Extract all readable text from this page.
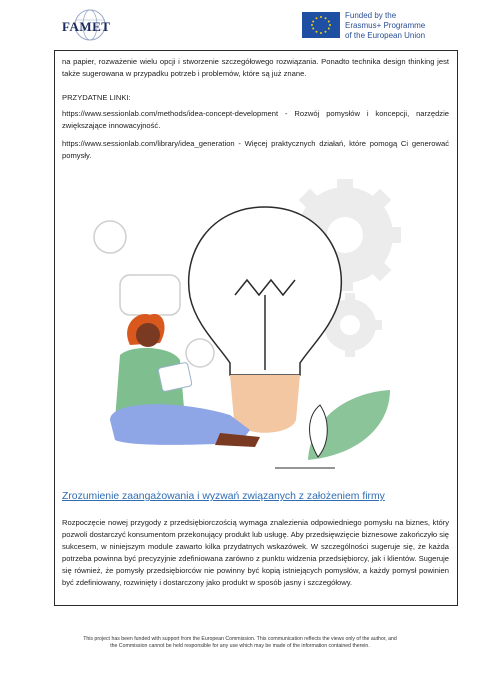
FAMET
Funded by the
Erasmus+ Programme
of the European Union
na papier, rozważenie wielu opcji i stworzenie szczegółowego rozwiązania. Ponadto technika design thinking jest także sugerowana w przypadku potrzeb i problemów, które są już znane.
PRZYDATNE LINKI:
https://www.sessionlab.com/methods/idea-concept-development - Rozwój pomysłów i koncepcji, narzędzie zwiększające innowacyjność.
https://www.sessionlab.com/library/idea_generation - Więcej praktycznych działań, które pomogą Ci generować pomysły.
Zrozumienie zaangażowania i wyzwań związanych z założeniem firmy
Rozpoczęcie nowej przygody z przedsiębiorczością wymaga znalezienia odpowiedniego pomysłu na biznes, który pozwoli dostarczyć konsumentom przekonujący produkt lub usługę. Aby przedsięwzięcie biznesowe zakończyło się sukcesem, w niniejszym module zawarto kilka przydatnych wskazówek. W szczególności sugeruje się, że każda potrzeba powinna być precyzyjnie zdefiniowana zarówno z punktu widzenia przedsiębiorcy, jak i klientów. Sugeruje się również, że pomysły przedsiębiorców nie powinny być kopią istniejących pomysłów, a każdy pomysł powinien być zdefiniowany, rozwinięty i dostarczony jako produkt w sposób jasny i szczegółowy.
This project has been funded with support from the European Commission. This communication reflects the views only of the author, and
the Commission cannot be held responsible for any use which may be made of the information contained therein.
